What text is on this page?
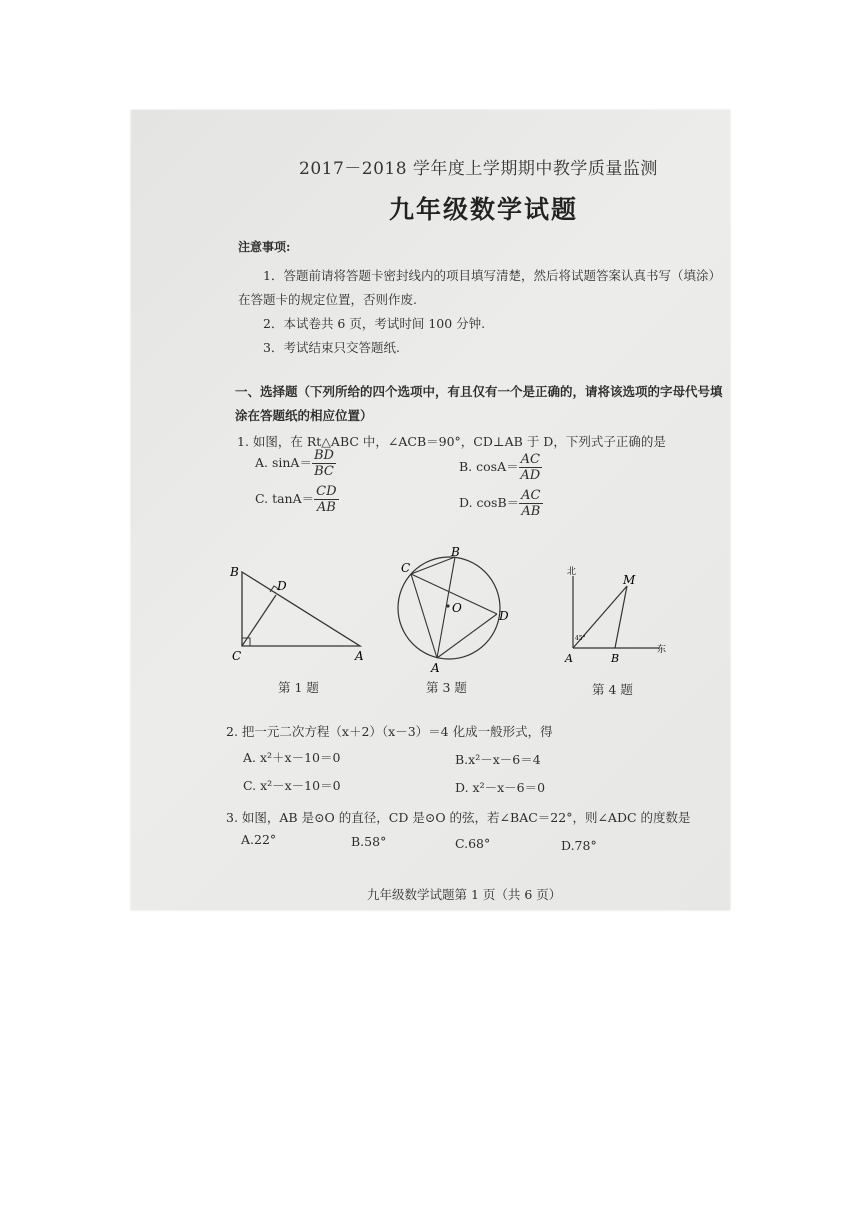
2017－2018 学年度上学期期中教学质量监测
九年级数学试题
注意事项:
1．答题前请将答题卡密封线内的项目填写清楚，然后将试题答案认真书写（填涂）
在答题卡的规定位置，否则作废.
2．本试卷共 6 页，考试时间 100 分钟.
3．考试结束只交答题纸.
一、选择题（下列所给的四个选项中，有且仅有一个是正确的，请将该选项的字母代号填
涂在答题纸的相应位置）
1. 如图，在 Rt△ABC 中，∠ACB＝90°，CD⊥AB 于 D，下列式子正确的是
A. $\sin A= \frac{BD}{BC}$	B. $\cos A= \frac{AC}{AD}$
C. $\tan A= \frac{CD}{AB}$	D. $\cos B= \frac{AC}{AB}$
B
D
C	A
第 1 题
B
C
O
D
A
第 3 题
北
东
M
A	B
45°
第 4 题
2. 把一元二次方程（x＋2）（x－3）＝4 化成一般形式，得
A. x²＋x－10＝0	B.x²－x－6＝4
C. x²－x－10＝0	D. x²－x－6＝0
3. 如图，AB 是⊙O 的直径，CD 是⊙O 的弦，若∠BAC＝22°，则∠ADC 的度数是
A.22°	B.58°	C.68°	D.78°
九年级数学试题第 1 页（共 6 页）
